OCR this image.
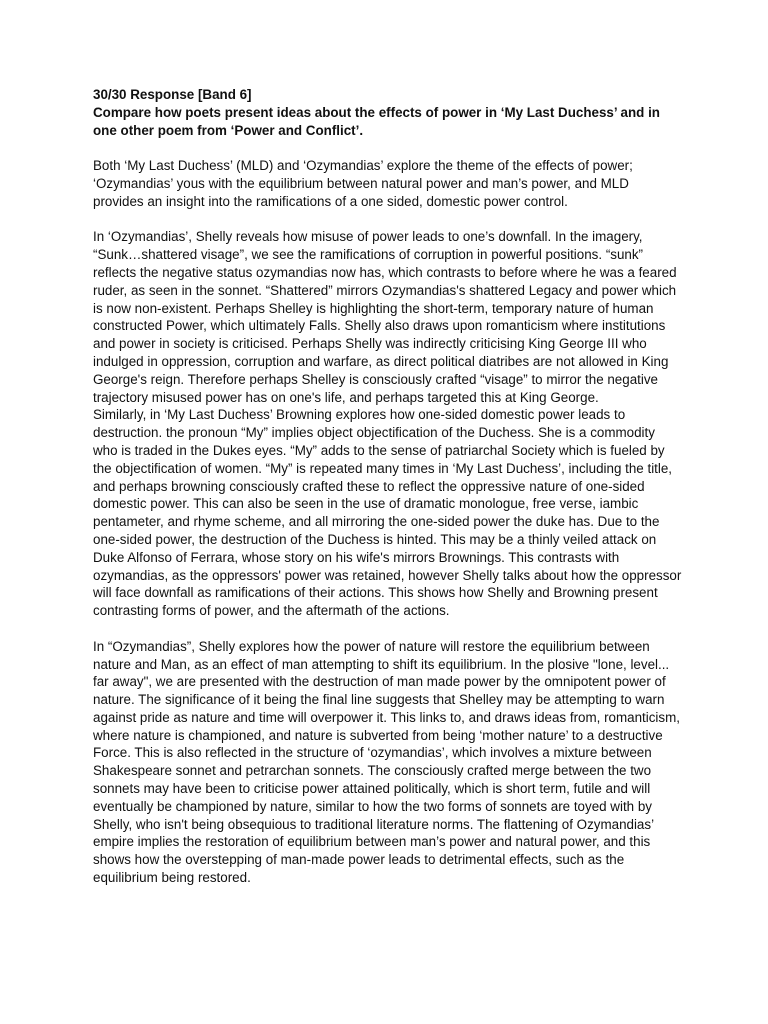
30/30 Response [Band 6]

Compare how poets present ideas about the effects of power in ‘My Last Duchess’ and in one other poem from ‘Power and Conflict’.

Both ‘My Last Duchess’ (MLD) and ‘Ozymandias’ explore the theme of the effects of power; ‘Ozymandias’ yous with the equilibrium between natural power and man’s power, and MLD provides an insight into the ramifications of a one sided, domestic power control.

In ‘Ozymandias’, Shelly reveals how misuse of power leads to one’s downfall. In the imagery, “Sunk…shattered visage”, we see the ramifications of corruption in powerful positions. “sunk” reflects the negative status ozymandias now has, which contrasts to before where he was a feared ruder, as seen in the sonnet. “Shattered” mirrors Ozymandias's shattered Legacy and power which is now non-existent. Perhaps Shelley is highlighting the short-term, temporary nature of human constructed Power, which ultimately Falls. Shelly also draws upon romanticism where institutions and power in society is criticised. Perhaps Shelly was indirectly criticising King George III who indulged in oppression, corruption and warfare, as direct political diatribes are not allowed in King George's reign. Therefore perhaps Shelley is consciously crafted “visage” to mirror the negative trajectory misused power has on one's life, and perhaps targeted this at King George.

Similarly, in ‘My Last Duchess’ Browning explores how one-sided domestic power leads to destruction. the pronoun “My” implies object objectification of the Duchess. She is a commodity who is traded in the Dukes eyes. “My” adds to the sense of patriarchal Society which is fueled by the objectification of women. “My” is repeated many times in ‘My Last Duchess’, including the title, and perhaps browning consciously crafted these to reflect the oppressive nature of one-sided domestic power. This can also be seen in the use of dramatic monologue, free verse, iambic pentameter, and rhyme scheme, and all mirroring the one-sided power the duke has. Due to the one-sided power, the destruction of the Duchess is hinted. This may be a thinly veiled attack on Duke Alfonso of Ferrara, whose story on his wife's mirrors Brownings. This contrasts with ozymandias, as the oppressors' power was retained, however Shelly talks about how the oppressor will face downfall as ramifications of their actions. This shows how Shelly and Browning present contrasting forms of power, and the aftermath of the actions.

In “Ozymandias”, Shelly explores how the power of nature will restore the equilibrium between nature and Man, as an effect of man attempting to shift its equilibrium. In the plosive "lone, level... far away", we are presented with the destruction of man made power by the omnipotent power of nature. The significance of it being the final line suggests that Shelley may be attempting to warn against pride as nature and time will overpower it. This links to, and draws ideas from, romanticism, where nature is championed, and nature is subverted from being ‘mother nature’ to a destructive Force. This is also reflected in the structure of ‘ozymandias’, which involves a mixture between Shakespeare sonnet and petrarchan sonnets. The consciously crafted merge between the two sonnets may have been to criticise power attained politically, which is short term, futile and will eventually be championed by nature, similar to how the two forms of sonnets are toyed with by Shelly, who isn't being obsequious to traditional literature norms. The flattening of Ozymandias’ empire implies the restoration of equilibrium between man’s power and natural power, and this shows how the overstepping of man-made power leads to detrimental effects, such as the equilibrium being restored.
